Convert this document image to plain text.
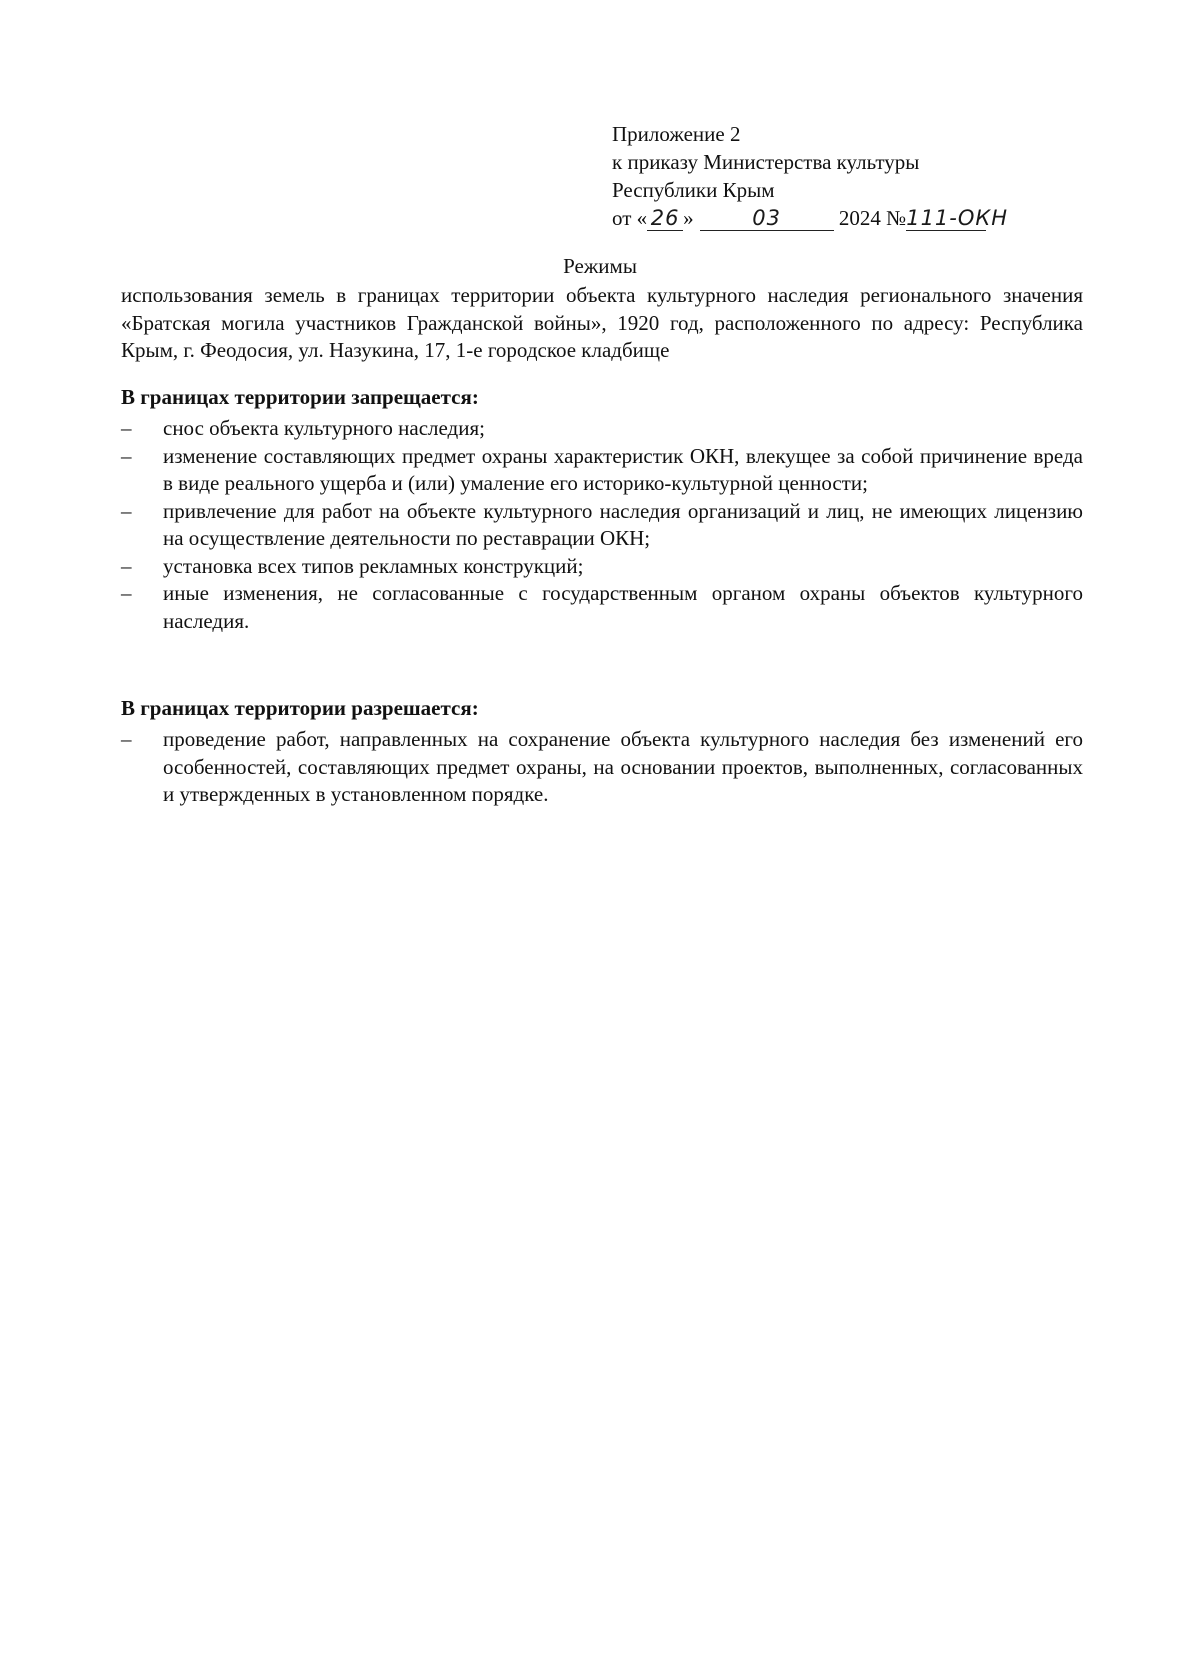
Приложение 2
к приказу Министерства культуры
Республики Крым
от « 26 »	03	2024 №111-ОКН
Режимы
использования земель в границах территории объекта культурного наследия регионального значения «Братская могила участников Гражданской войны», 1920 год, расположенного по адресу: Республика Крым, г. Феодосия, ул. Назукина, 17, 1-е городское кладбище
В границах территории запрещается:
– снос объекта культурного наследия;
– изменение составляющих предмет охраны характеристик ОКН, влекущее за собой причинение вреда в виде реального ущерба и (или) умаление его историко-культурной ценности;
– привлечение для работ на объекте культурного наследия организаций и лиц, не имеющих лицензию на осуществление деятельности по реставрации ОКН;
– установка всех типов рекламных конструкций;
– иные изменения, не согласованные с государственным органом охраны объектов культурного наследия.
В границах территории разрешается:
– проведение работ, направленных на сохранение объекта культурного наследия без изменений его особенностей, составляющих предмет охраны, на основании проектов, выполненных, согласованных и утвержденных в установленном порядке.
